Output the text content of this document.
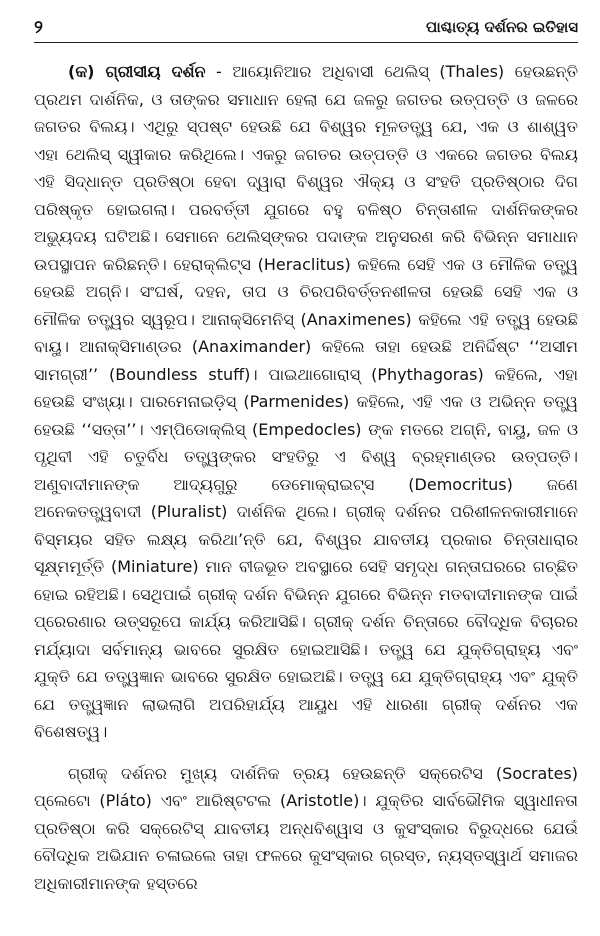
୨	ପାଶ୍ଚାତ୍ୟ ଦର୍ଶନର ଇତିହାସ

(କ) ଗ୍ରୀସୀୟ ଦର୍ଶନ - ଆୟୋନିଆର ଅଧିବାସୀ ଥେଲିସ୍ (Thales) ହେଉଛନ୍ତି ପ୍ରଥମ ଦାର୍ଶନିକ, ଓ ତାଙ୍କର ସମାଧାନ ହେଲା ଯେ ଜଳରୁ ଜଗତର ଉତ୍ପତ୍ତି ଓ ଜଳରେ ଜଗତର ବିଲୟ। ଏଥିରୁ ସ୍ପଷ୍ଟ ହେଉଛି ଯେ ବିଶ୍ୱର ମୂଳତତ୍ତ୍ୱ ଯେ, ଏକ ଓ ଶାଶ୍ୱତ ଏହା ଥେଲିସ୍ ସ୍ୱୀକାର କରିଥିଲେ। ଏକରୁ ଜଗତର ଉତ୍ପତ୍ତି ଓ ଏକରେ ଜଗତର ବିଲୟ ଏହି ସିଦ୍ଧାନ୍ତ ପ୍ରତିଷ୍ଠା ହେବା ଦ୍ୱାରା ବିଶ୍ୱର ଐକ୍ୟ ଓ ସଂହତି ପ୍ରତିଷ୍ଠାର ଦିଗ ପରିଷ୍କୃତ ହୋଇଗଲା। ପରବର୍ତ୍ତୀ ଯୁଗରେ ବହୁ ବଳିଷ୍ଠ ଚିନ୍ତାଶୀଳ ଦାର୍ଶନିକଙ୍କର ଅଭ୍ୟୁଦୟ ଘଟିଅଛି। ସେମାନେ ଥେଲିସ୍‌ଙ୍କର ପଦାଙ୍କ ଅନୁସରଣ କରି ବିଭିନ୍ନ ସମାଧାନ ଉପସ୍ଥାପନ କରିଛନ୍ତି। ହେରାକ୍ଲିଟ୍‌ସ (Heraclitus) କହିଲେ ସେହି ଏକ ଓ ମୌଳିକ ତତ୍ତ୍ୱ ହେଉଛି ଅଗ୍ନି। ସଂଘର୍ଷ, ଦହନ, ତାପ ଓ ଚିରପରିବର୍ତ୍ତନଶୀଳତା ହେଉଛି ସେହି ଏକ ଓ ମୌଳିକ ତତ୍ତ୍ୱର ସ୍ୱରୂପ। ଆନାକ୍‌ସିମେନିସ୍ (Anaximenes) କହିଲେ ଏହି ତତ୍ତ୍ୱ ହେଉଛି ବାୟୁ। ଆନାକ୍‌ସିମାଣ୍ଡର (Anaximander) କହିଲେ ତାହା ହେଉଛି ଅନିର୍ଦ୍ଦିଷ୍ଟ ‘‘ଅସୀମ ସାମଗ୍ରୀ’’ (Boundless stuff)। ପାଇଥାଗୋରାସ୍ (Phythagoras) କହିଲେ, ଏହା ହେଉଛି ସଂଖ୍ୟା। ପାରମେନାଇଡ଼ିସ୍ (Parmenides) କହିଲେ, ଏହି ଏକ ଓ ଅଭିନ୍ନ ତତ୍ତ୍ୱ ହେଉଛି ‘‘ସତ୍ତା’’। ଏମ୍ପିଡୋକ୍ଲିସ୍ (Empedocles) ଙ୍କ ମତରେ ଅଗ୍ନି, ବାୟୁ, ଜଳ ଓ ପୃଥିବୀ ଏହି ଚତୁର୍ବିଧ ତତ୍ତ୍ୱଙ୍କର ସଂହତିରୁ ଏ ବିଶ୍ୱ ବ୍ରହ୍ମାଣ୍ଡର ଉତ୍ପତ୍ତି। ଅଣୁବାଦୀମାନଙ୍କ ଆଦ୍ୟଗୁରୁ ଡେମୋକ୍ରାଇଟ୍‌ସ (Democritus) ଜଣେ ଅନେକତତ୍ତ୍ୱବାଦୀ (Pluralist) ଦାର୍ଶନିକ ଥିଲେ। ଗ୍ରୀକ୍ ଦର୍ଶନର ପରିଶୀଳନକାରୀମାନେ ବିସ୍ମୟର ସହିତ ଲକ୍ଷ୍ୟ କରିଥା’ନ୍ତି ଯେ, ବିଶ୍ୱର ଯାବତୀୟ ପ୍ରକାର ଚିନ୍ତାଧାରାର ସୂକ୍ଷ୍ମମୂର୍ତ୍ତି (Miniature) ମାନ ବୀଜଭୂତ ଅବସ୍ଥାରେ ସେହି ସମୃଦ୍ଧ ଗନ୍ତାଘରରେ ଗଚ୍ଛିତ ହୋଇ ରହିଅଛି। ସେଥିପାଇଁ ଗ୍ରୀକ୍ ଦର୍ଶନ ବିଭିନ୍ନ ଯୁଗରେ ବିଭିନ୍ନ ମତବାଦୀମାନଙ୍କ ପାଇଁ ପ୍ରେରଣାର ଉତ୍ସରୂପେ କାର୍ଯ୍ୟ କରିଆସିଛି। ଗ୍ରୀକ୍ ଦର୍ଶନ ଚିନ୍ତାରେ ବୌଦ୍ଧିକ ବିଚାରର ମର୍ଯ୍ୟାଦା ସର୍ବମାନ୍ୟ ଭାବରେ ସୁରକ୍ଷିତ ହୋଇଆସିଛି। ତତ୍ତ୍ୱ ଯେ ଯୁକ୍ତିଗ୍ରାହ୍ୟ ଏବଂ ଯୁକ୍ତି ଯେ ତତ୍ତ୍ୱଜ୍ଞାନ ଭାବରେ ସୁରକ୍ଷିତ ହୋଇଅଛି। ତତ୍ତ୍ୱ ଯେ ଯୁକ୍ତିଗ୍ରାହ୍ୟ ଏବଂ ଯୁକ୍ତି ଯେ ତତ୍ତ୍ୱଜ୍ଞାନ ଲାଭଲାଗି ଅପରିହାର୍ଯ୍ୟ ଆୟୁଧ ଏହି ଧାରଣା ଗ୍ରୀକ୍ ଦର୍ଶନର ଏକ ବିଶେଷତ୍ୱ।

ଗ୍ରୀକ୍ ଦର୍ଶନର ମୁଖ୍ୟ ଦାର୍ଶନିକ ତ୍ରୟ ହେଉଛନ୍ତି ସକ୍ରେଟିସ (Socrates) ପ୍ଲେଟୋ (Pláto) ଏବଂ ଆରିଷ୍ଟଟଲ (Aristotle)। ଯୁକ୍ତିର ସାର୍ବଭୌମିକ ସ୍ୱାଧୀନତା ପ୍ରତିଷ୍ଠା କରି ସକ୍ରେଟିସ୍ ଯାବତୀୟ ଅନ୍ଧବିଶ୍ୱାସ ଓ କୁସଂସ୍କାର ବିରୁଦ୍ଧରେ ଯେଉଁ ବୌଦ୍ଧିକ ଅଭିଯାନ ଚଳାଇଲେ ତାହା ଫଳରେ କୁସଂସ୍କାର ଗ୍ରସ୍ତ, ନ୍ୟସ୍ତସ୍ୱାର୍ଥ ସମାଜର ଅଧିକାରୀମାନଙ୍କ ହସ୍ତରେ
